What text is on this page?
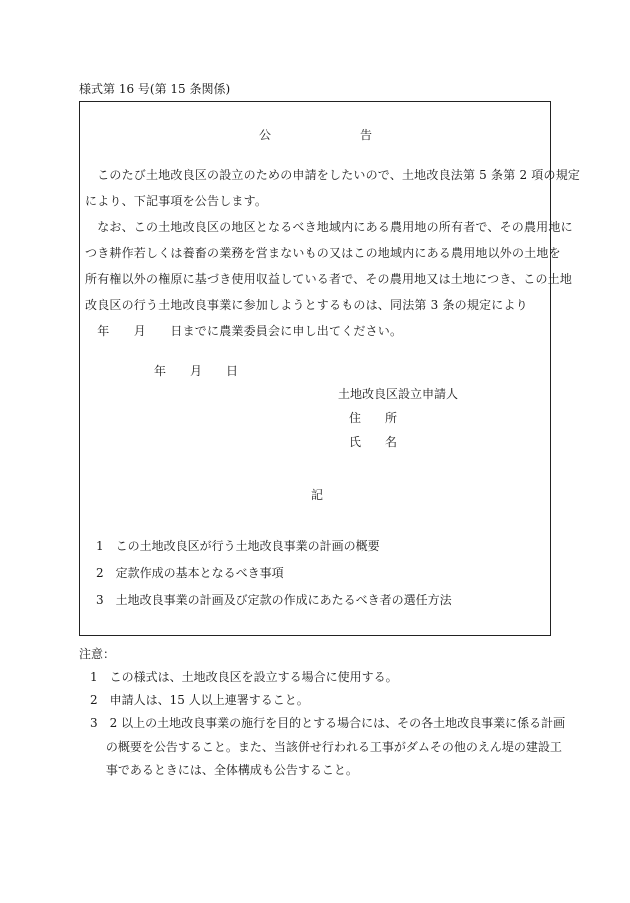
様式第 16 号(第 15 条関係)
公	告
　このたび土地改良区の設立のための申請をしたいので、土地改良法第 5 条第 2 項の規定
により、下記事項を公告します。
　なお、この土地改良区の地区となるべき地域内にある農用地の所有者で、その農用地に
つき耕作若しくは養畜の業務を営まないもの又はこの地域内にある農用地以外の土地を
所有権以外の権原に基づき使用収益している者で、その農用地又は土地につき、この土地
改良区の行う土地改良事業に参加しようとするものは、同法第 3 条の規定により
　年　　月　　日までに農業委員会に申し出てください。
年　　月　　日
土地改良区設立申請人
住　　所
氏　　名
記
1　この土地改良区が行う土地改良事業の計画の概要
2　定款作成の基本となるべき事項
3　土地改良事業の計画及び定款の作成にあたるべき者の選任方法
注意：
1　この様式は、土地改良区を設立する場合に使用する。
2　申請人は、15 人以上連署すること。
3　2 以上の土地改良事業の施行を目的とする場合には、その各土地改良事業に係る計画
　 の概要を公告すること。また、当該併せ行われる工事がダムその他のえん堤の建設工
　 事であるときには、全体構成も公告すること。
